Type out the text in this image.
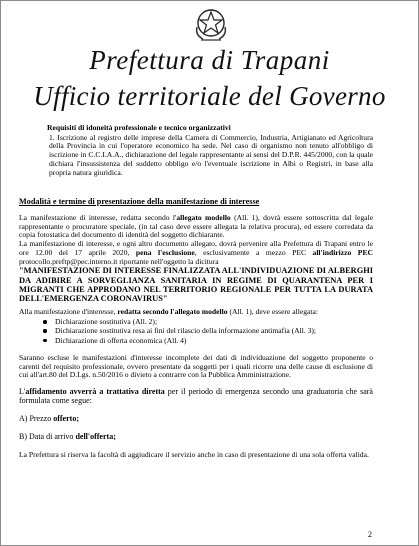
Prefettura di Trapani
Ufficio territoriale del Governo
Requisiti di idoneità professionale e tecnico organizzativi
1. Iscrizione al registro delle imprese della Camera di Commercio, Industria, Artigianato ed Agricoltura della Provincia in cui l'operatore economico ha sede. Nel caso di organismo non tenuto all'obbligo di iscrizione in C.C.I.A.A., dichiarazione del legale rappresentante ai sensi del D.P.R. 445/2000, con la quale dichiara l'insussistenza del suddetto obbligo e/o l'eventuale iscrizione in Albi o Registri, in base alla propria natura giuridica.
Modalità e termine di presentazione della manifestazione di interesse
La manifestazione di interesse, redatta secondo l'allegato modello (All. 1), dovrà essere sottoscritta dal legale rappresentante o procuratore speciale, (in tal caso deve essere allegata la relativa procura), ed essere corredata da copia fotostatica del documento di identità del soggetto dichiarante.
La manifestazione di interesse, e ogni altro documento allegato, dovrà pervenire alla Prefettura di Trapani entro le ore 12.00 del 17 aprile 2020, pena l'esclusione, esclusivamente a mezzo PEC all'indirizzo PEC protocollo.preftp@pec.interno.it riportante nell'oggetto la dicitura
"MANIFESTAZIONE DI INTERESSE FINALIZZATA ALL'INDIVIDUAZIONE DI ALBERGHI DA ADIBIRE A SORVEGLIANZA SANITARIA IN REGIME DI QUARANTENA PER I MIGRANTI CHE APPRODANO NEL TERRITORIO REGIONALE PER TUTTA LA DURATA DELL'EMERGENZA CORONAVIRUS"
Alla manifestazione d'interesse, redatta secondo l'allegato modello (All. 1), deve essere allegata:
Dichiarazione sostitutiva (All. 2);
Dichiarazione sostitutiva resa ai fini del rilascio della informazione antimafia (All. 3);
Dichiarazione di offerta economica (All. 4)
Saranno escluse le manifestazioni d'interesse incomplete dei dati di individuazione del soggetto proponente o carenti del requisito professionale, ovvero presentate da soggetti per i quali ricorre una delle cause di esclusione di cui all'art.80 del D.Lgs. n.50/2016 o divieto a contrarre con la Pubblica Amministrazione.
L'affidamento avverrà a trattativa diretta per il periodo di emergenza secondo una graduatoria che sarà formulata come segue:
A) Prezzo offerto;
B) Data di arrivo dell'offerta;
La Prefettura si riserva la facoltà di aggiudicare il servizio anche in caso di presentazione di una sola offerta valida.
2
